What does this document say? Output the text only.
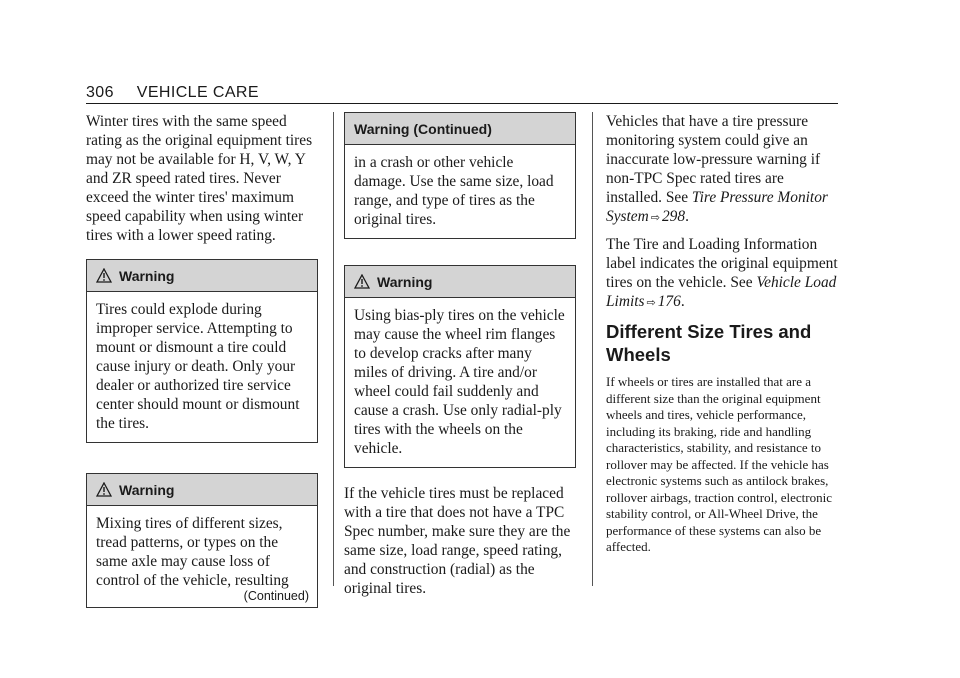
306 VEHICLE CARE

Winter tires with the same speed rating as the original equipment tires may not be available for H, V, W, Y and ZR speed rated tires. Never exceed the winter tires' maximum speed capability when using winter tires with a lower speed rating.

Warning

Tires could explode during improper service. Attempting to mount or dismount a tire could cause injury or death. Only your dealer or authorized tire service center should mount or dismount the tires.

Warning

Mixing tires of different sizes, tread patterns, or types on the same axle may cause loss of control of the vehicle, resulting

(Continued)
Warning (Continued)

in a crash or other vehicle damage. Use the same size, load range, and type of tires as the original tires.

Warning

Using bias-ply tires on the vehicle may cause the wheel rim flanges to develop cracks after many miles of driving. A tire and/or wheel could fail suddenly and cause a crash. Use only radial-ply tires with the wheels on the vehicle.

If the vehicle tires must be replaced with a tire that does not have a TPC Spec number, make sure they are the same size, load range, speed rating, and construction (radial) as the original tires.

Vehicles that have a tire pressure monitoring system could give an inaccurate low-pressure warning if non-TPC Spec rated tires are installed. See Tire Pressure Monitor System ⇨ 298.

The Tire and Loading Information label indicates the original equipment tires on the vehicle. See Vehicle Load Limits ⇨ 176.

Different Size Tires and Wheels

If wheels or tires are installed that are a different size than the original equipment wheels and tires, vehicle performance, including its braking, ride and handling characteristics, stability, and resistance to rollover may be affected. If the vehicle has electronic systems such as antilock brakes, rollover airbags, traction control, electronic stability control, or All-Wheel Drive, the performance of these systems can also be affected.
